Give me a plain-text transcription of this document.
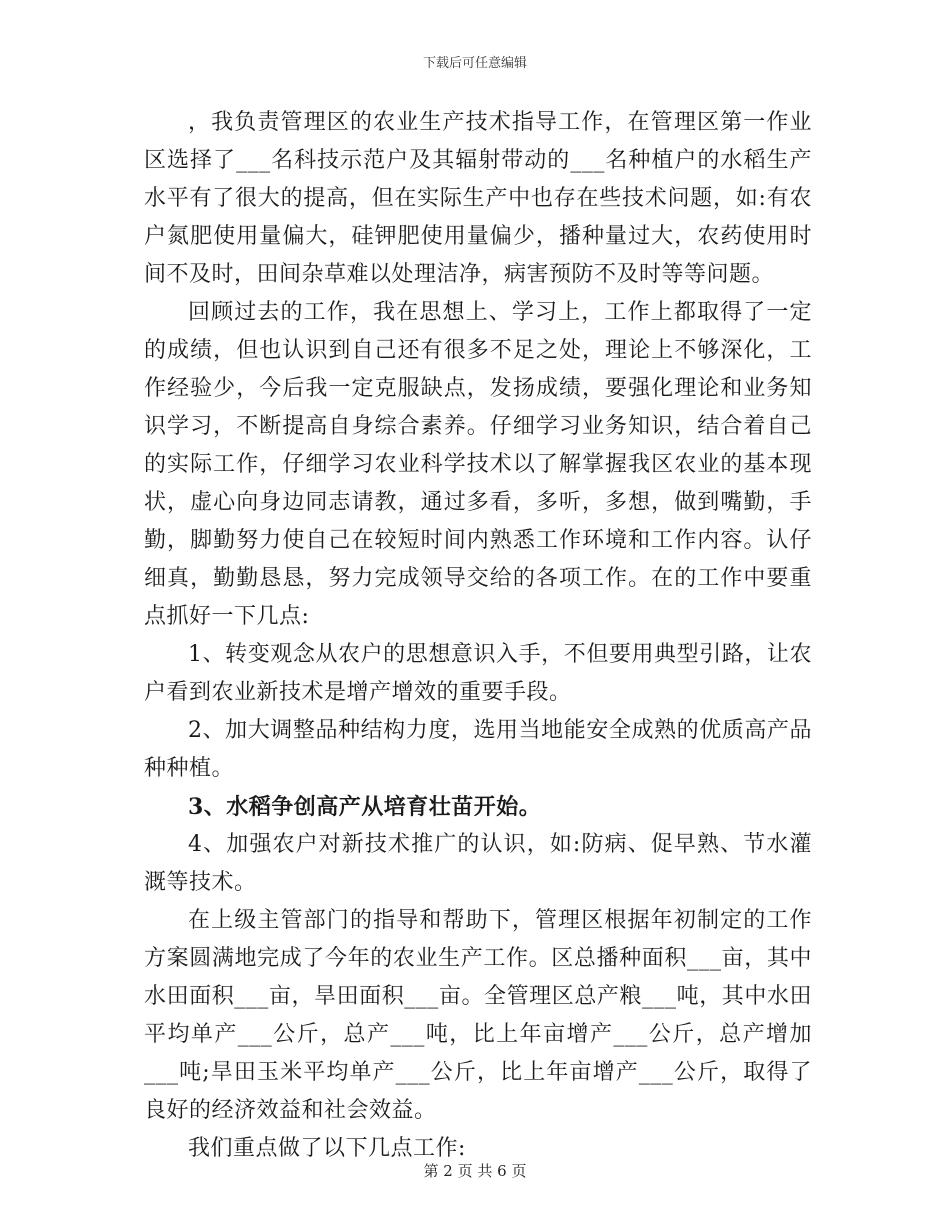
下载后可任意编辑

，我负责管理区的农业生产技术指导工作，在管理区第一作业区选择了___名科技示范户及其辐射带动的___名种植户的水稻生产水平有了很大的提高，但在实际生产中也存在些技术问题，如:有农户氮肥使用量偏大，硅钾肥使用量偏少，播种量过大，农药使用时间不及时，田间杂草难以处理洁净，病害预防不及时等等问题。

回顾过去的工作，我在思想上、学习上，工作上都取得了一定的成绩，但也认识到自己还有很多不足之处，理论上不够深化，工作经验少，今后我一定克服缺点，发扬成绩，要强化理论和业务知识学习，不断提高自身综合素养。仔细学习业务知识，结合着自己的实际工作，仔细学习农业科学技术以了解掌握我区农业的基本现状，虚心向身边同志请教，通过多看，多听，多想，做到嘴勤，手勤，脚勤努力使自己在较短时间内熟悉工作环境和工作内容。认仔细真，勤勤恳恳，努力完成领导交给的各项工作。在的工作中要重点抓好一下几点:

1、转变观念从农户的思想意识入手，不但要用典型引路，让农户看到农业新技术是增产增效的重要手段。

2、加大调整品种结构力度，选用当地能安全成熟的优质高产品种种植。

3、水稻争创高产从培育壮苗开始。

4、加强农户对新技术推广的认识，如:防病、促早熟、节水灌溉等技术。

在上级主管部门的指导和帮助下，管理区根据年初制定的工作方案圆满地完成了今年的农业生产工作。区总播种面积___亩，其中水田面积___亩，旱田面积___亩。全管理区总产粮___吨，其中水田平均单产___公斤，总产___吨，比上年亩增产___公斤，总产增加___吨;旱田玉米平均单产___公斤，比上年亩增产___公斤，取得了良好的经济效益和社会效益。

我们重点做了以下几点工作:

第 2 页 共 6 页
